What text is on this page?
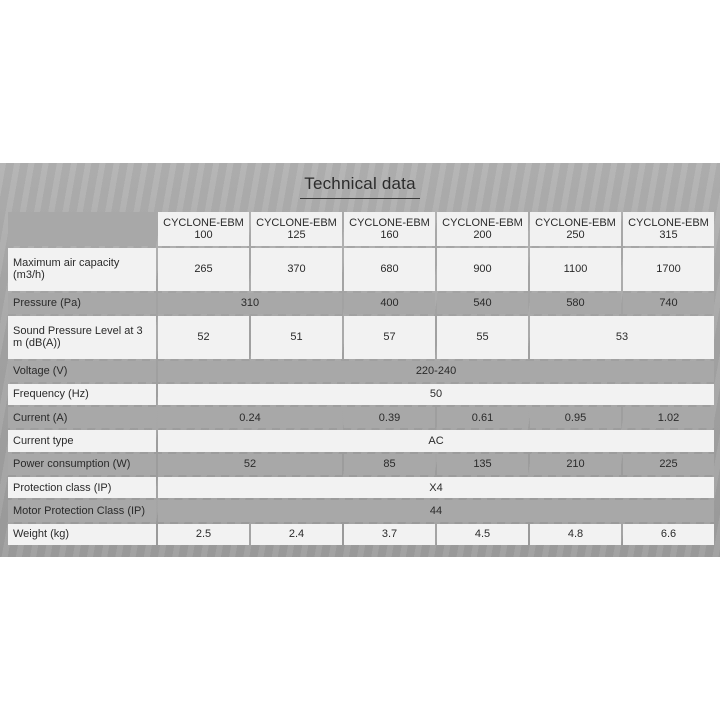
Technical data
	CYCLONE-EBM 100	CYCLONE-EBM 125	CYCLONE-EBM 160	CYCLONE-EBM 200	CYCLONE-EBM 250	CYCLONE-EBM 315
Maximum air capacity (m3/h)	265	370	680	900	1100	1700
Pressure (Pa)	310		400	540	580	740
Sound Pressure Level at 3 m (dB(A))	52	51	57	55	53	
Voltage (V)	220-240					
Frequency (Hz)	50					
Current (A)	0.24		0.39	0.61	0.95	1.02
Current type	AC					
Power consumption (W)	52		85	135	210	225
Protection class (IP)	X4					
Motor Protection Class (IP)	44					
Weight (kg)	2.5	2.4	3.7	4.5	4.8	6.6
